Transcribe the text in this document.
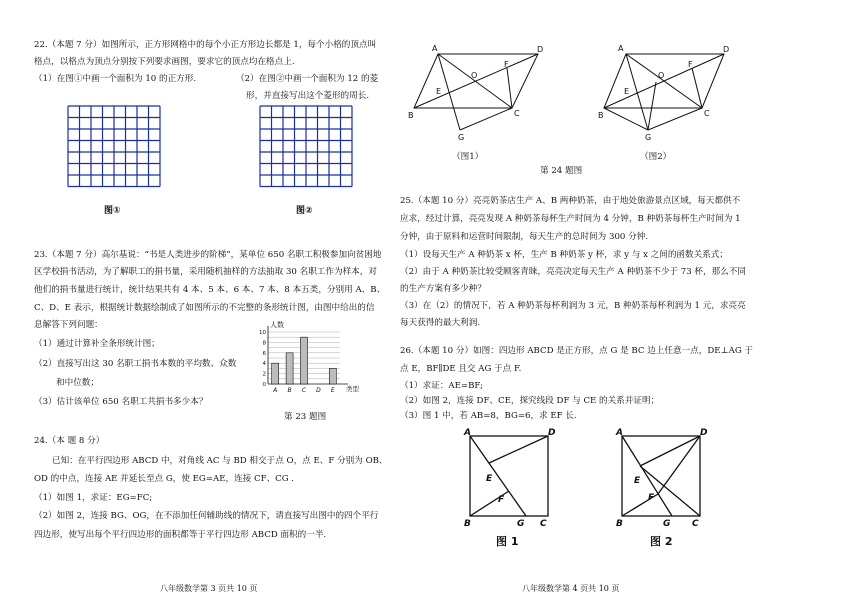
22.（本题 7 分）如图所示，正方形网格中的每个小正方形边长都是 1，每个小格的顶点叫
格点，以格点为顶点分别按下列要求画图，要求它的顶点均在格点上.
（1）在图①中画一个面积为 10 的正方形.	（2）在图②中画一个面积为 12 的菱
形，并直接写出这个菱形的周长.
图①	图②
23.（本题 7 分）高尔基说：“书是人类进步的阶梯”，某单位 650 名职工积极参加向贫困地
区学校捐书活动，为了解职工的捐书量，采用随机抽样的方法抽取 30 名职工作为样本，对
他们的捐书量进行统计，统计结果共有 4 本、5 本、6 本、7 本、8 本五类，分别用 A、B、
C、D、E 表示，根据统计数据绘制成了如图所示的不完整的条形统计图，由图中给出的信
息解答下列问题：
（1）通过计算补全条形统计图；
（2）直接写出这 30 名职工捐书本数的平均数、众数
和中位数；
（3）估计该单位 650 名职工共捐书多少本？
0
2
4
6
8
10
A B C D E
人数
类型
第 23 题图
24.（本 题 8 分）
已知：在平行四边形 ABCD 中，对角线 AC 与 BD 相交于点 O，点 E、F 分别为 OB、
OD 的中点，连接 AE 并延长至点 G，使 EG=AE，连接 CF、CG .
（1）如图 1，求证：EG=FC;
（2）如图 2，连接 BG、OG，在不添加任何辅助线的情况下，请直接写出图中的四个平行
四边形，使写出每个平行四边形的面积都等于平行四边形 ABCD 面积的一半.
八年级数学第 3 页共 10 页
A	D
B	C
G
O
E
F
（图1）
A	D
B	C
G
O
E
F
（图2）
第 24 题图
25.（本题 10 分）亮亮奶茶店生产 A、B 两种奶茶，由于地处旅游景点区域，每天都供不
应求，经过计算，亮亮发现 A 种奶茶每杯生产时间为 4 分钟，B 种奶茶每杯生产时间为 1
分钟，由于原料和运营时间限制，每天生产的总时间为 300 分钟.
（1）设每天生产 A 种奶茶 x 杯，生产 B 种奶茶 y 杯，求 y 与 x 之间的函数关系式；
（2）由于 A 种奶茶比较受顾客青睐，亮亮决定每天生产 A 种奶茶不少于 73 杯，那么不同
的生产方案有多少种？
（3）在（2）的情况下，若 A 种奶茶每杯利润为 3 元，B 种奶茶每杯利润为 1 元，求亮亮
每天获得的最大利润.
26.（本题 10 分）如图：四边形 ABCD 是正方形，点 G 是 BC 边上任意一点，DE⊥AG 于
点 E，BF∥DE 且交 AG 于点 F.
（1）求证：AE=BF;
（2）如图 2，连接 DF、CE，探究线段 DF 与 CE 的关系并证明；
（3）图 1 中，若 AB=8，BG=6，求 EF 长.
A	D
B	G C
E
F
图 1
A	D
B	G C
E
F
图 2
八年级数学第 4 页共 10 页
